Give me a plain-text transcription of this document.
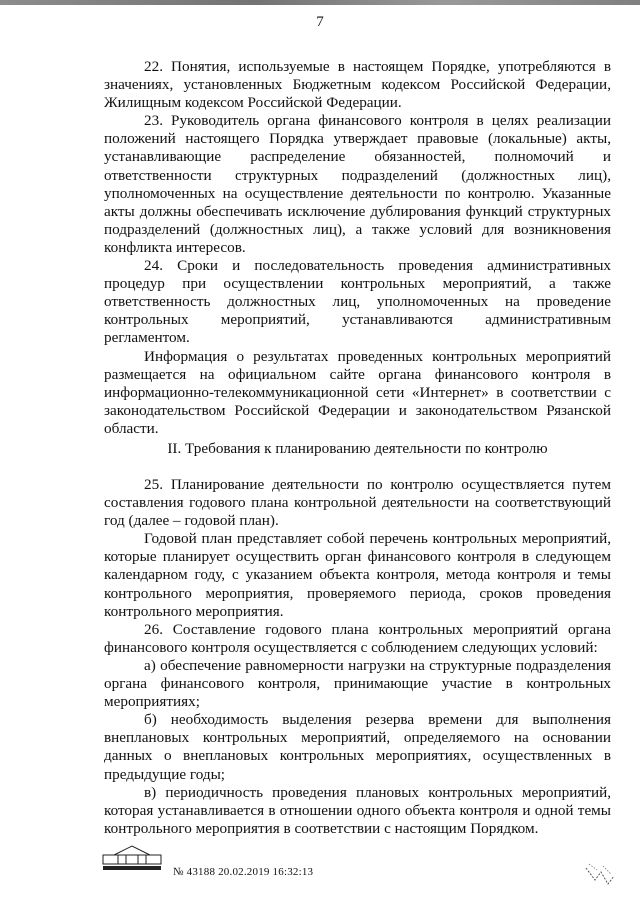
7

22. Понятия, используемые в настоящем Порядке, употребляются в значениях, установленных Бюджетным кодексом Российской Федерации, Жилищным кодексом Российской Федерации.

23. Руководитель органа финансового контроля в целях реализации положений настоящего Порядка утверждает правовые (локальные) акты, устанавливающие распределение обязанностей, полномочий и ответственности структурных подразделений (должностных лиц), уполномоченных на осуществление деятельности по контролю. Указанные акты должны обеспечивать исключение дублирования функций структурных подразделений (должностных лиц), а также условий для возникновения конфликта интересов.

24. Сроки и последовательность проведения административных процедур при осуществлении контрольных мероприятий, а также ответственность должностных лиц, уполномоченных на проведение контрольных мероприятий, устанавливаются административным регламентом.

Информация о результатах проведенных контрольных мероприятий размещается на официальном сайте органа финансового контроля в информационно-телекоммуникационной сети «Интернет» в соответствии с законодательством Российской Федерации и законодательством Рязанской области.

II. Требования к планированию деятельности по контролю

25. Планирование деятельности по контролю осуществляется путем составления годового плана контрольной деятельности на соответствующий год (далее – годовой план).

Годовой план представляет собой перечень контрольных мероприятий, которые планирует осуществить орган финансового контроля в следующем календарном году, с указанием объекта контроля, метода контроля и темы контрольного мероприятия, проверяемого периода, сроков проведения контрольного мероприятия.

26. Составление годового плана контрольных мероприятий органа финансового контроля осуществляется с соблюдением следующих условий:

а) обеспечение равномерности нагрузки на структурные подразделения органа финансового контроля, принимающие участие в контрольных мероприятиях;

б) необходимость выделения резерва времени для выполнения внеплановых контрольных мероприятий, определяемого на основании данных о внеплановых контрольных мероприятиях, осуществленных в предыдущие годы;

в) периодичность проведения плановых контрольных мероприятий, которая устанавливается в отношении одного объекта контроля и одной темы контрольного мероприятия в соответствии с настоящим Порядком.

№ 43188 20.02.2019 16:32:13
